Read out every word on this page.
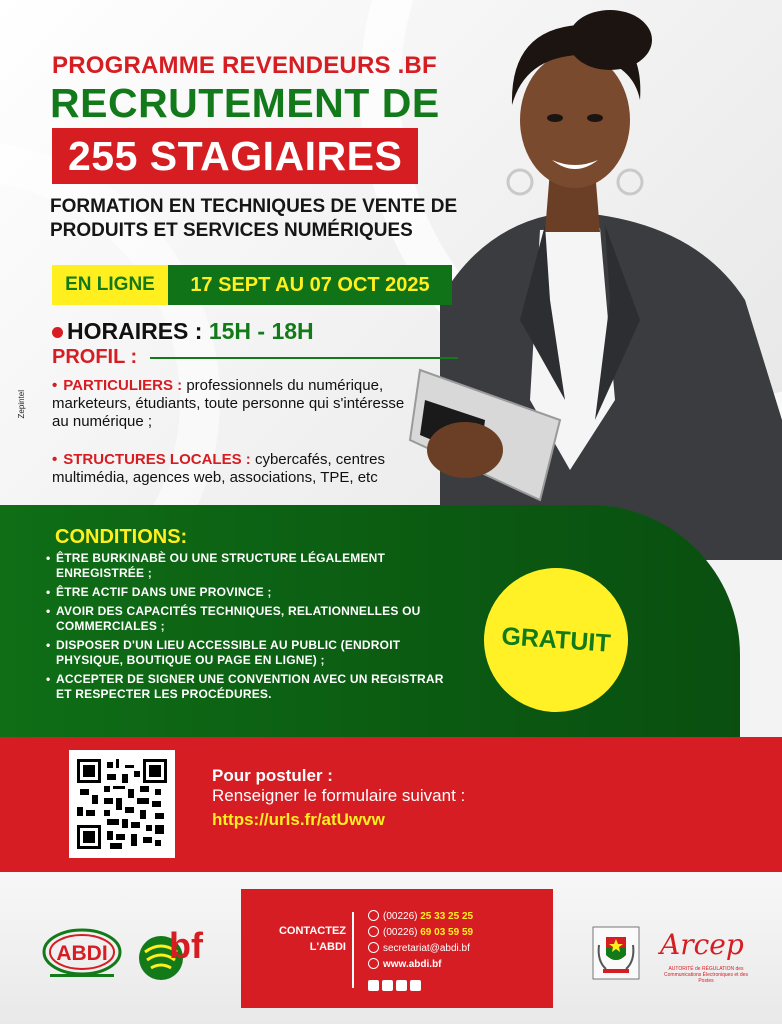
PROGRAMME REVENDEURS .BF
RECRUTEMENT DE
255 STAGIAIRES
FORMATION EN TECHNIQUES DE VENTE DE PRODUITS ET SERVICES NUMÉRIQUES
EN LIGNE	17 SEPT AU 07 OCT 2025
HORAIRES : 15H - 18H
PROFIL :
• PARTICULIERS : professionnels du numérique, marketeurs, étudiants, toute personne qui s'intéresse au numérique ;
• STRUCTURES LOCALES : cybercafés, centres multimédia, agences web, associations, TPE, etc
Zepintel
CONDITIONS:
• ÊTRE BURKINABÈ OU UNE STRUCTURE LÉGALEMENT ENREGISTRÉE ;
• ÊTRE ACTIF DANS UNE PROVINCE ;
• AVOIR DES CAPACITÉS TECHNIQUES, RELATIONNELLES OU COMMERCIALES ;
• DISPOSER D'UN LIEU ACCESSIBLE AU PUBLIC (ENDROIT PHYSIQUE, BOUTIQUE OU PAGE EN LIGNE) ;
• ACCEPTER DE SIGNER UNE CONVENTION AVEC UN REGISTRAR ET RESPECTER LES PROCÉDURES.
GRATUIT
Pour postuler :
Renseigner le formulaire suivant :
https://urls.fr/atUwvw
ABDI bf	CONTACTEZ
L'ABDI
(00226) 25 33 25 25
(00226) 69 03 59 59
secretariat@abdi.bf
www.abdi.bf
Arcep
AUTORITÉ de RÉGULATION des Communications Électroniques et des Postes
